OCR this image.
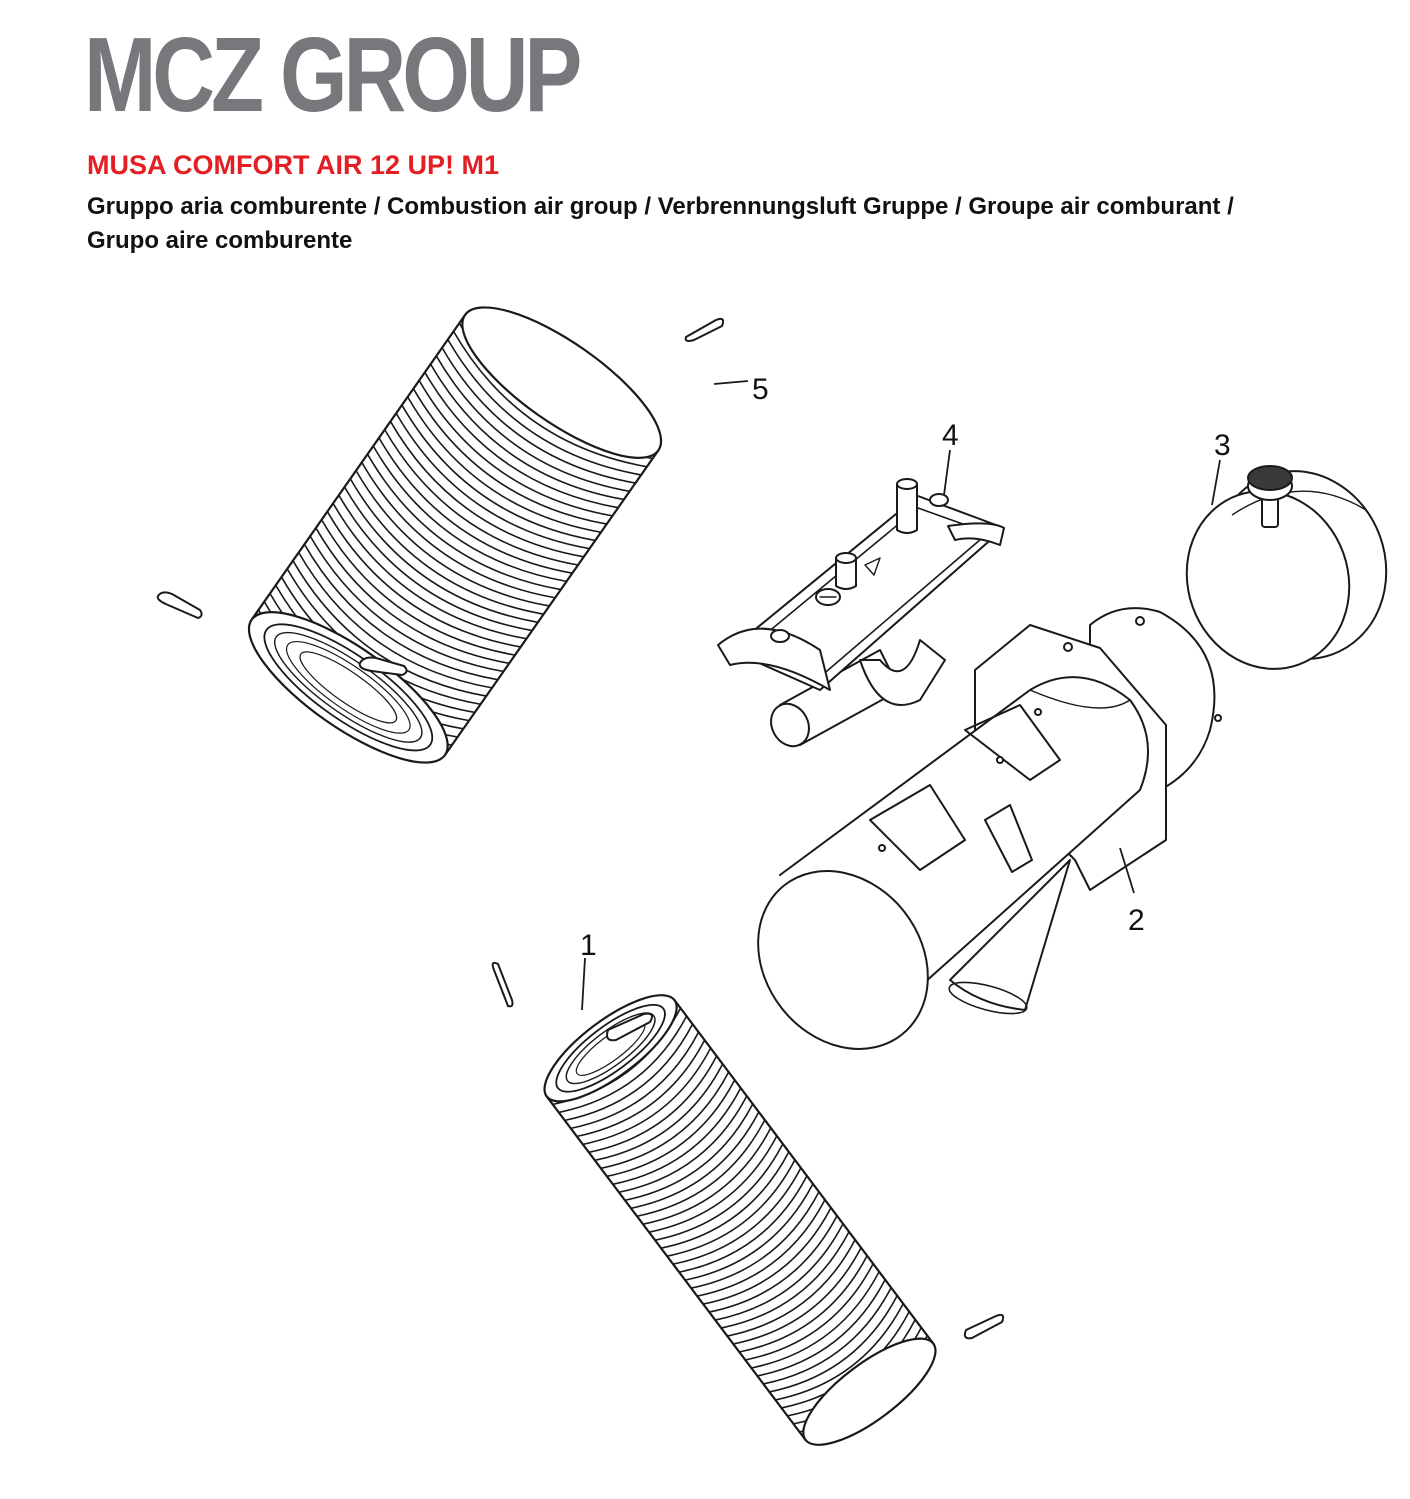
MCZ GROUP
MUSA COMFORT AIR 12 UP! M1

Gruppo aria comburente / Combustion air group / Verbrennungsluft Gruppe / Groupe air comburant /
Grupo aire comburente

1
2
3
4
5
